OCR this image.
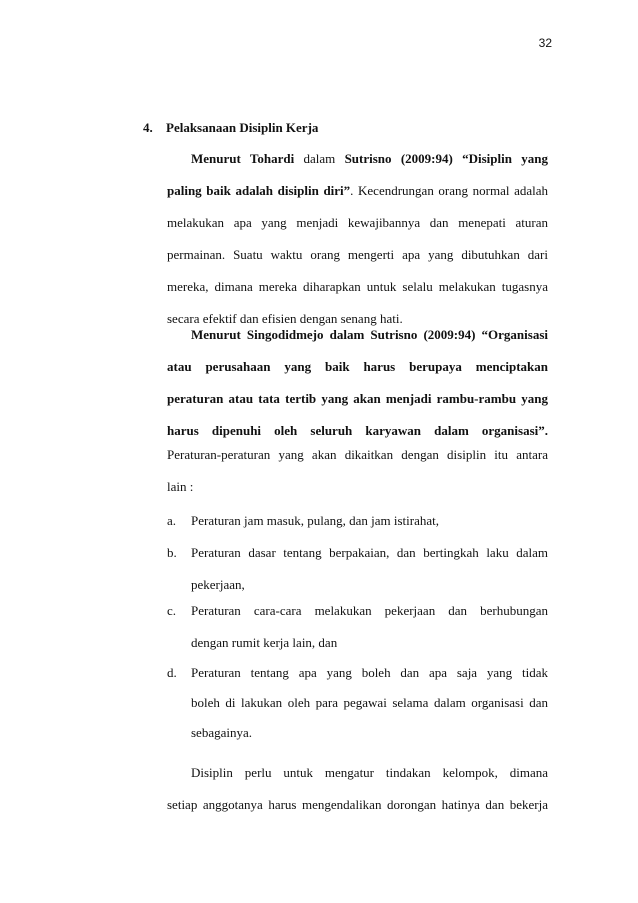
32
4. Pelaksanaan Disiplin Kerja
Menurut Tohardi dalam Sutrisno (2009:94) “Disiplin yang
paling baik adalah disiplin diri”. Kecendrungan orang normal adalah
melakukan apa yang menjadi kewajibannya dan menepati aturan
permainan. Suatu waktu orang mengerti apa yang dibutuhkan dari
mereka, dimana mereka diharapkan untuk selalu melakukan tugasnya
secara efektif dan efisien dengan senang hati.
Menurut Singodidmejo dalam Sutrisno (2009:94) “Organisasi
atau perusahaan yang baik harus berupaya menciptakan
peraturan atau tata tertib yang akan menjadi rambu-rambu yang
harus dipenuhi oleh seluruh karyawan dalam organisasi”.
Peraturan-peraturan yang akan dikaitkan dengan disiplin itu antara
lain :
a. Peraturan jam masuk, pulang, dan jam istirahat,
b. Peraturan dasar tentang berpakaian, dan bertingkah laku dalam
pekerjaan,
c. Peraturan cara-cara melakukan pekerjaan dan berhubungan
dengan rumit kerja lain, dan
d. Peraturan tentang apa yang boleh dan apa saja yang tidak
boleh di lakukan oleh para pegawai selama dalam organisasi dan
sebagainya.
Disiplin perlu untuk mengatur tindakan kelompok, dimana
setiap anggotanya harus mengendalikan dorongan hatinya dan bekerja
